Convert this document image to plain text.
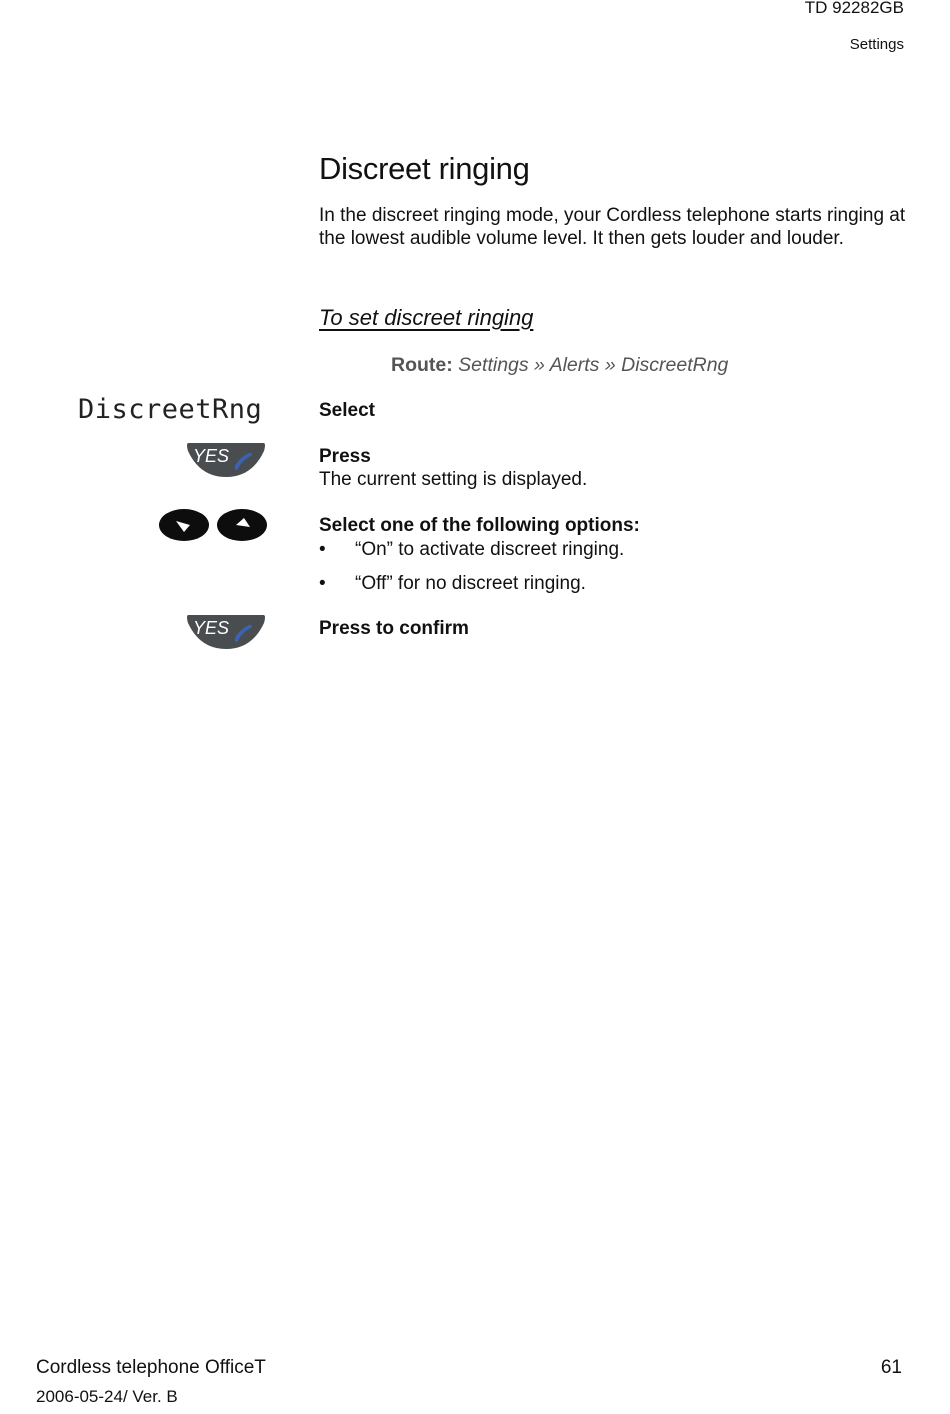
TD 92282GB
Settings
Discreet ringing

In the discreet ringing mode, your Cordless telephone starts ringing at the lowest audible volume level. It then gets louder and louder.

To set discreet ringing
Route: Settings » Alerts » DiscreetRng
DiscreetRng	Select
YES	Press
The current setting is displayed.
Select one of the following options:
•	“On” to activate discreet ringing.
•	“Off” for no discreet ringing.
YES	Press to confirm
Cordless telephone OfficeT
2006-05-24/ Ver. B
61
